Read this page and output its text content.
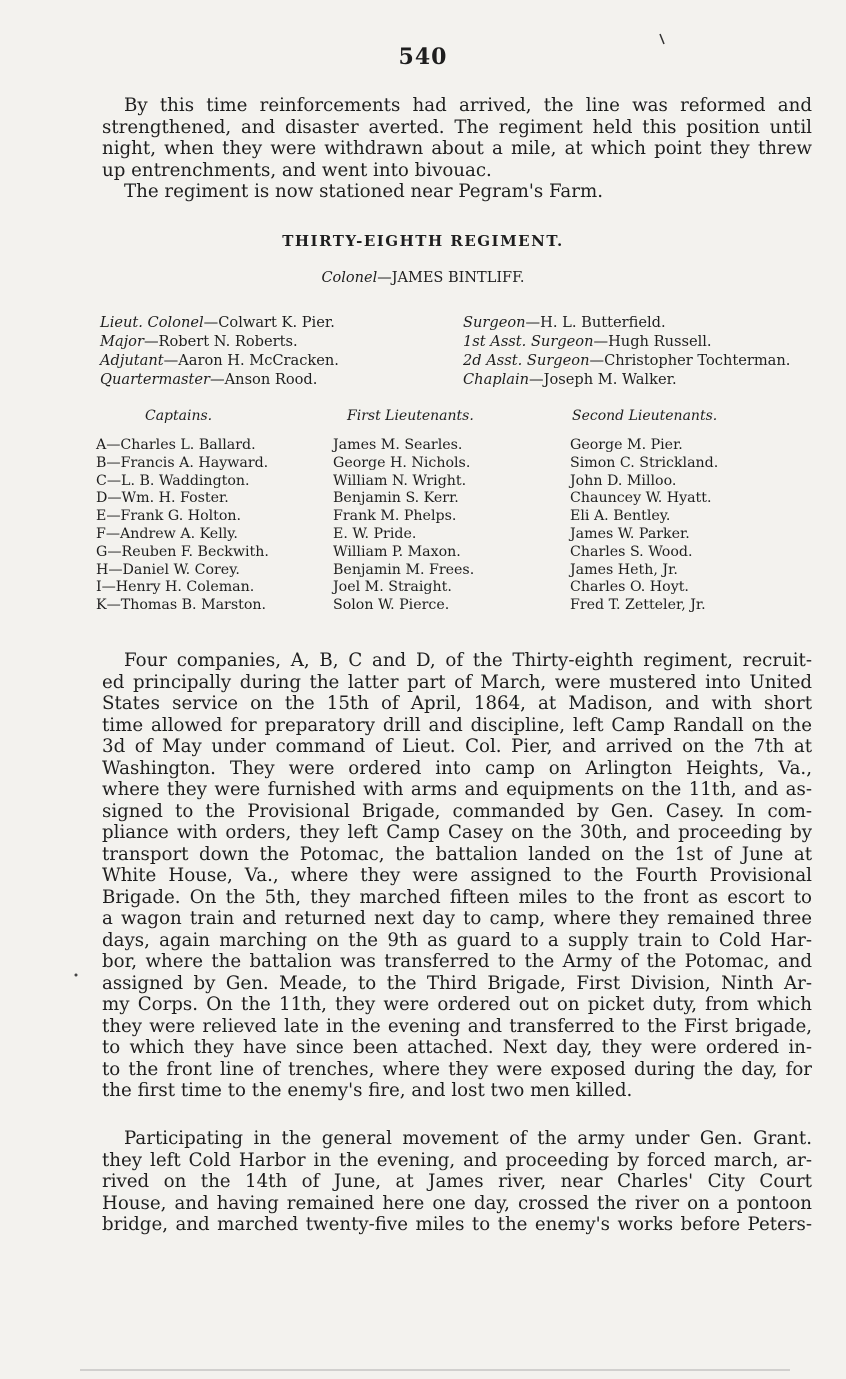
540
By this time reinforcements had arrived, the line was reformed and
strengthened, and disaster averted. The regiment held this position until
night, when they were withdrawn about a mile, at which point they threw
up entrenchments, and went into bivouac.
The regiment is now stationed near Pegram's Farm.
THIRTY-EIGHTH REGIMENT.
Colonel—JAMES BINTLIFF.
Lieut. Colonel—Colwart K. Pier.	Surgeon—H. L. Butterfield.
Major—Robert N. Roberts.	1st Asst. Surgeon—Hugh Russell.
Adjutant—Aaron H. McCracken.	2d Asst. Surgeon—Christopher Tochterman.
Quartermaster—Anson Rood.	Chaplain—Joseph M. Walker.
Captains.	First Lieutenants.	Second Lieutenants.
A—Charles L. Ballard.	James M. Searles.	George M. Pier.
B—Francis A. Hayward.	George H. Nichols.	Simon C. Strickland.
C—L. B. Waddington.	William N. Wright.	John D. Milloo.
D—Wm. H. Foster.	Benjamin S. Kerr.	Chauncey W. Hyatt.
E—Frank G. Holton.	Frank M. Phelps.	Eli A. Bentley.
F—Andrew A. Kelly.	E. W. Pride.	James W. Parker.
G—Reuben F. Beckwith.	William P. Maxon.	Charles S. Wood.
H—Daniel W. Corey.	Benjamin M. Frees.	James Heth, Jr.
I—Henry H. Coleman.	Joel M. Straight.	Charles O. Hoyt.
K—Thomas B. Marston.	Solon W. Pierce.	Fred T. Zetteler, Jr.
Four companies, A, B, C and D, of the Thirty-eighth regiment, recruit-
ed principally during the latter part of March, were mustered into United
States service on the 15th of April, 1864, at Madison, and with short
time allowed for preparatory drill and discipline, left Camp Randall on the
3d of May under command of Lieut. Col. Pier, and arrived on the 7th at
Washington. They were ordered into camp on Arlington Heights, Va.,
where they were furnished with arms and equipments on the 11th, and as-
signed to the Provisional Brigade, commanded by Gen. Casey. In com-
pliance with orders, they left Camp Casey on the 30th, and proceeding by
transport down the Potomac, the battalion landed on the 1st of June at
White House, Va., where they were assigned to the Fourth Provisional
Brigade. On the 5th, they marched fifteen miles to the front as escort to
a wagon train and returned next day to camp, where they remained three
days, again marching on the 9th as guard to a supply train to Cold Har-
bor, where the battalion was transferred to the Army of the Potomac, and
assigned by Gen. Meade, to the Third Brigade, First Division, Ninth Ar-
my Corps. On the 11th, they were ordered out on picket duty, from which
they were relieved late in the evening and transferred to the First brigade,
to which they have since been attached. Next day, they were ordered in-
to the front line of trenches, where they were exposed during the day, for
the first time to the enemy's fire, and lost two men killed.
Participating in the general movement of the army under Gen. Grant.
they left Cold Harbor in the evening, and proceeding by forced march, ar-
rived on the 14th of June, at James river, near Charles' City Court
House, and having remained here one day, crossed the river on a pontoon
bridge, and marched twenty-five miles to the enemy's works before Peters-
